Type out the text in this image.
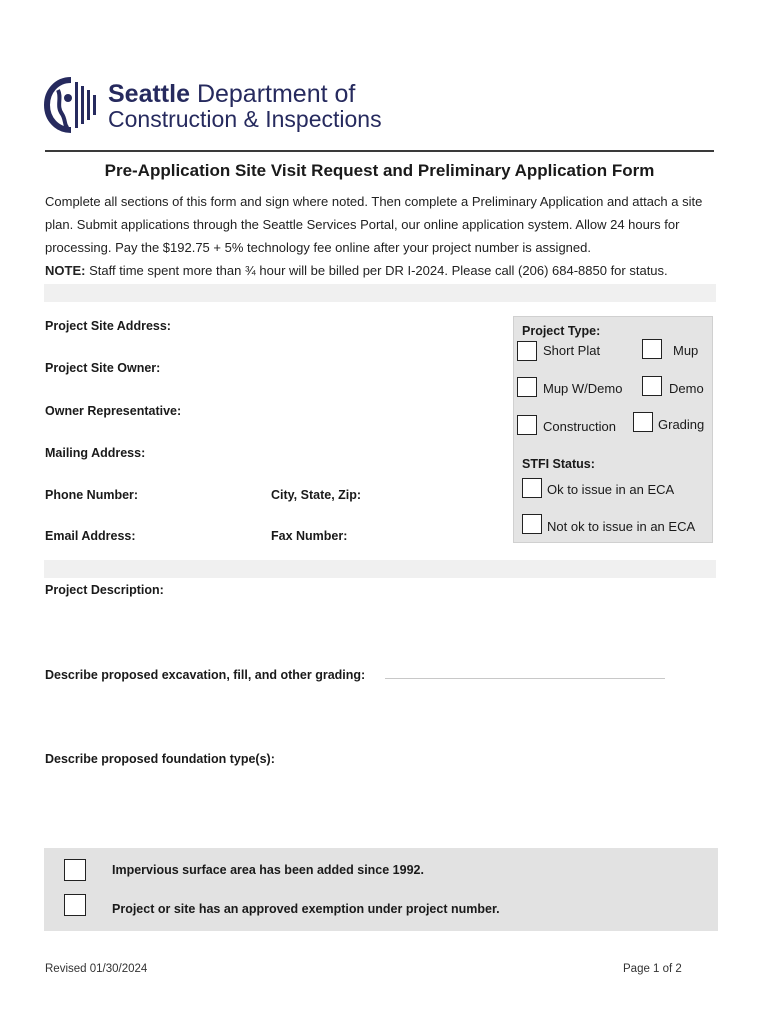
Seattle Department of
Construction & Inspections
Pre-Application Site Visit Request and Preliminary Application Form
Complete all sections of this form and sign where noted. Then complete a Preliminary Application and attach a site plan. Submit applications through the Seattle Services Portal, our online application system. Allow 24 hours for processing. Pay the $192.75 + 5% technology fee online after your project number is assigned.
NOTE: Staff time spent more than ¾ hour will be billed per DR I-2024. Please call (206) 684-8850 for status.
Project Site Address:
Project Site Owner:
Owner Representative:
Mailing Address:
Phone Number:	City, State, Zip:
Email Address:	Fax Number:
Project Type:
Short Plat	Mup
Mup W/Demo	Demo
Construction	Grading
STFI Status:
Ok to issue in an ECA
Not ok to issue in an ECA
Project Description:
Describe proposed excavation, fill, and other grading:
Describe proposed foundation type(s):
Impervious surface area has been added since 1992.
Project or site has an approved exemption under project number.
Revised 01/30/2024	Page 1 of 2
